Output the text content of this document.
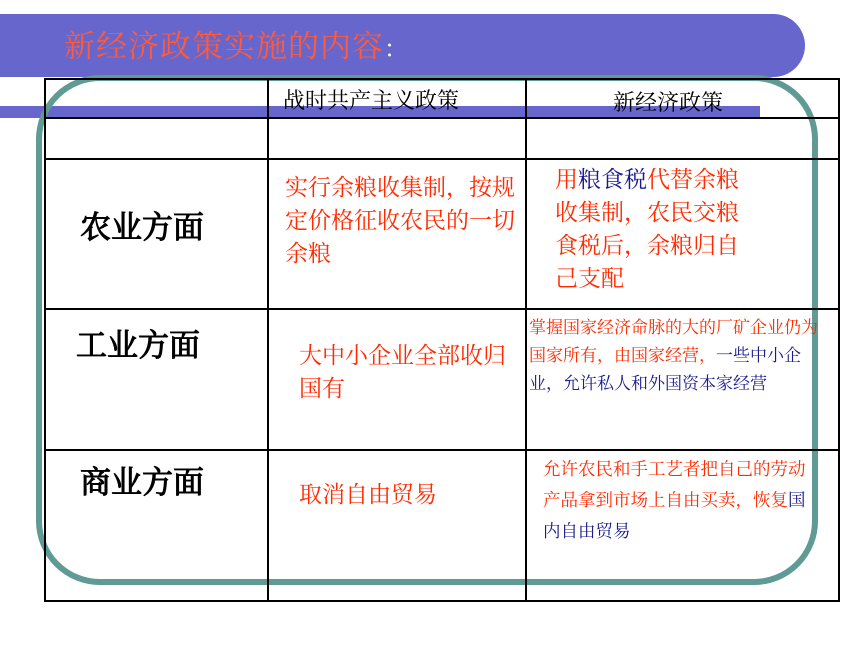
新经济政策实施的内容：

	战时共产主义政策	新经济政策

农业方面	实行余粮收集制，按规定价格征收农民的一切余粮	用粮食税代替余粮收集制，农民交粮食税后，余粮归自己支配

工业方面	大中小企业全部收归国有	掌握国家经济命脉的大的厂矿企业仍为国家所有，由国家经营，一些中小企业，允许私人和外国资本家经营

商业方面	取消自由贸易	允许农民和手工艺者把自己的劳动产品拿到市场上自由买卖，恢复国内自由贸易
